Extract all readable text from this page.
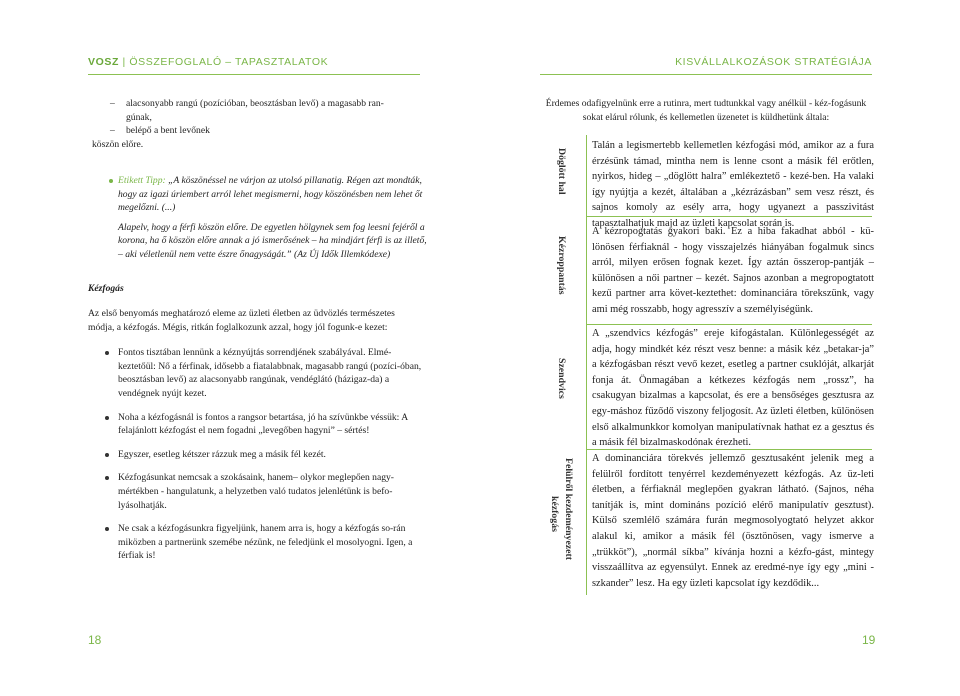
VOSZ | ÖSSZEFOGLALÓ – TAPASZTALATOK
– alacsonyabb rangú (pozícióban, beosztásban levő) a magasabb ran-
gúnak,
– belépő a bent levőnek
köszön előre.

Etikett Tipp: „A köszönéssel ne várjon az utolsó pillanatig. Régen azt mondták, hogy az igazi úriembert arról lehet megismerni, hogy köszönésben nem lehet őt megelőzni. (...)

Alapelv, hogy a férfi köszön előre. De egyetlen hölgynek sem fog leesni fejéről a korona, ha ő köszön előre annak a jó ismerősének – ha mindjárt férfi is az illető, – aki véletlenül nem vette észre őnagyságát.” (Az Új Idők Illemkódexe)

Kézfogás

Az első benyomás meghatározó eleme az üzleti életben az üdvözlés természetes módja, a kézfogás. Mégis, ritkán foglalkozunk azzal, hogy jól fogunk-e kezet:

Fontos tisztában lennünk a kéznyújtás sorrendjének szabályával. Elmé-keztetőül: Nő a férfinak, idősebb a fiatalabbnak, magasabb rangú (pozíci-óban, beosztásban levő) az alacsonyabb rangúnak, vendéglátó (házigaz-da) a vendégnek nyújt kezet.
Noha a kézfogásnál is fontos a rangsor betartása, jó ha szívünkbe véssük: A felajánlott kézfogást el nem fogadni „levegőben hagyni” – sértés!
Egyszer, esetleg kétszer rázzuk meg a másik fél kezét.
Kézfogásunkat nemcsak a szokásaink, hanem– olykor meglepően nagy-mértékben - hangulatunk, a helyzetben való tudatos jelenlétünk is befo-lyásolhatják.
Ne csak a kézfogásunkra figyeljünk, hanem arra is, hogy a kézfogás so-rán miközben a partnerünk szemébe nézünk, ne feledjünk el mosolyogni. Igen, a férfiak is!
18
KISVÁLLALKOZÁSOK STRATÉGIÁJA
Érdemes odafigyelnünk erre a rutinra, mert tudtunkkal vagy anélkül - kéz-fogásunk sokat elárul rólunk, és kellemetlen üzenetet is küldhetünk általa:
Döglött hal
Kézroppantás
Szendvics
Felülről kezdeményezett
kézfogás
Talán a legismertebb kellemetlen kézfogási mód, amikor az a fura érzésünk támad, mintha nem is lenne csont a másik fél erőtlen, nyirkos, hideg – „döglött halra” emlékeztető - kezé-ben. Ha valaki így nyújtja a kezét, általában a „kézrázásban” sem vesz részt, és sajnos komoly az esély arra, hogy ugyanezt a passzivitást tapasztalhatjuk majd az üzleti kapcsolat során is.
A kézropogtatás gyakori baki. Ez a hiba fakadhat abból - kü-lönösen férfiaknál - hogy visszajelzés hiányában fogalmuk sincs arról, milyen erősen fognak kezet. Így aztán összerop-pantják – különösen a női partner – kezét. Sajnos azonban a megropogtatott kezű partner arra követ-keztethet: dominanciára törekszünk, vagy ami még rosszabb, hogy agresszív a személyiségünk.
A „szendvics kézfogás” ereje kifogástalan. Különlegességét az adja, hogy mindkét kéz részt vesz benne: a másik kéz „betakar-ja” a kézfogásban részt vevő kezet, esetleg a partner csuklóját, alkarját fonja át. Önmagában a kétkezes kézfogás nem „rossz”, ha csakugyan bizalmas a kapcsolat, és ere a bensőséges gesztusra az egy-máshoz fűződő viszony feljogosít. Az üzleti életben, különösen első alkalmunkkor komolyan manipulatívnak hathat ez a gesztus és a másik fél bizalmaskodónak érezheti.
A dominanciára törekvés jellemző gesztusaként jelenik meg a felülről fordított tenyérrel kezdeményezett kézfogás. Az üz-leti életben, a férfiaknál meglepően gyakran látható. (Sajnos, néha tanítják is, mint domináns pozíció elérő manipulatív gesztust). Külső szemlélő számára furán megmosolyogtató helyzet akkor alakul ki, amikor a másik fél (ösztönösen, vagy ismerve a „trükköt”), „normál síkba” kívánja hozni a kézfo-gást, mintegy visszaállítva az egyensúlyt. Ennek az eredmé-nye így egy „mini - szkander” lesz. Ha egy üzleti kapcsolat így kezdődik...
19
